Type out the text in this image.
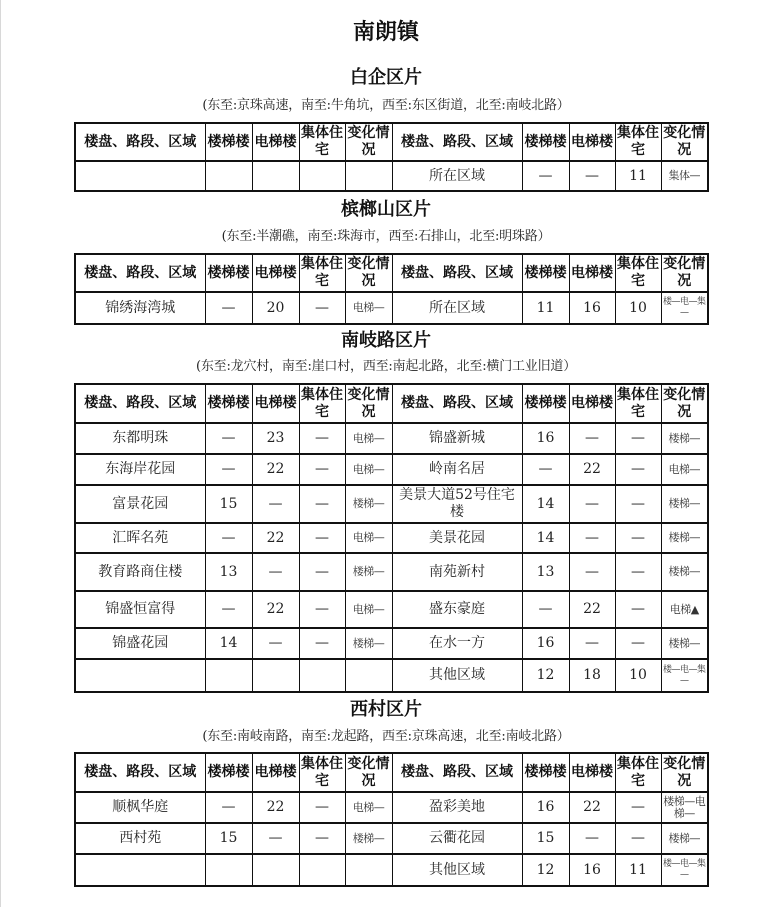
南朗镇
白企区片
(东至:京珠高速，南至:牛角坑，西至:东区街道，北至:南岐北路）
楼盘、路段、区域	楼梯楼	电梯楼	集体住宅	变化情况	楼盘、路段、区域	楼梯楼	电梯楼	集体住宅	变化情况
					所在区域	—	—	11	集体—
槟榔山区片
(东至:半潮礁，南至:珠海市，西至:石排山，北至:明珠路）
楼盘、路段、区域	楼梯楼	电梯楼	集体住宅	变化情况	楼盘、路段、区域	楼梯楼	电梯楼	集体住宅	变化情况
锦绣海湾城	—	20	—	电梯—	所在区域	11	16	10	楼—电—集—
南岐路区片
(东至:龙穴村，南至:崖口村，西至:南起北路，北至:横门工业旧道）
楼盘、路段、区域	楼梯楼	电梯楼	集体住宅	变化情况	楼盘、路段、区域	楼梯楼	电梯楼	集体住宅	变化情况
东都明珠	—	23	—	电梯—	锦盛新城	16	—	—	楼梯—
东海岸花园	—	22	—	电梯—	岭南名居	—	22	—	电梯—
富景花园	15	—	—	楼梯—	美景大道52号住宅楼	14	—	—	楼梯—
汇晖名苑	—	22	—	电梯—	美景花园	14	—	—	楼梯—
教育路商住楼	13	—	—	楼梯—	南苑新村	13	—	—	楼梯—
锦盛恒富得	—	22	—	电梯—	盛东豪庭	—	22	—	电梯▲
锦盛花园	14	—	—	楼梯—	在水一方	16	—	—	楼梯—
					其他区域	12	18	10	楼—电—集—
西村区片
(东至:南岐南路，南至:龙起路，西至:京珠高速，北至:南岐北路）
楼盘、路段、区域	楼梯楼	电梯楼	集体住宅	变化情况	楼盘、路段、区域	楼梯楼	电梯楼	集体住宅	变化情况
顺枫华庭	—	22	—	电梯—	盈彩美地	16	22	—	楼梯—电梯—
西村苑	15	—	—	楼梯—	云衢花园	15	—	—	楼梯—
					其他区域	12	16	11	楼—电—集—
